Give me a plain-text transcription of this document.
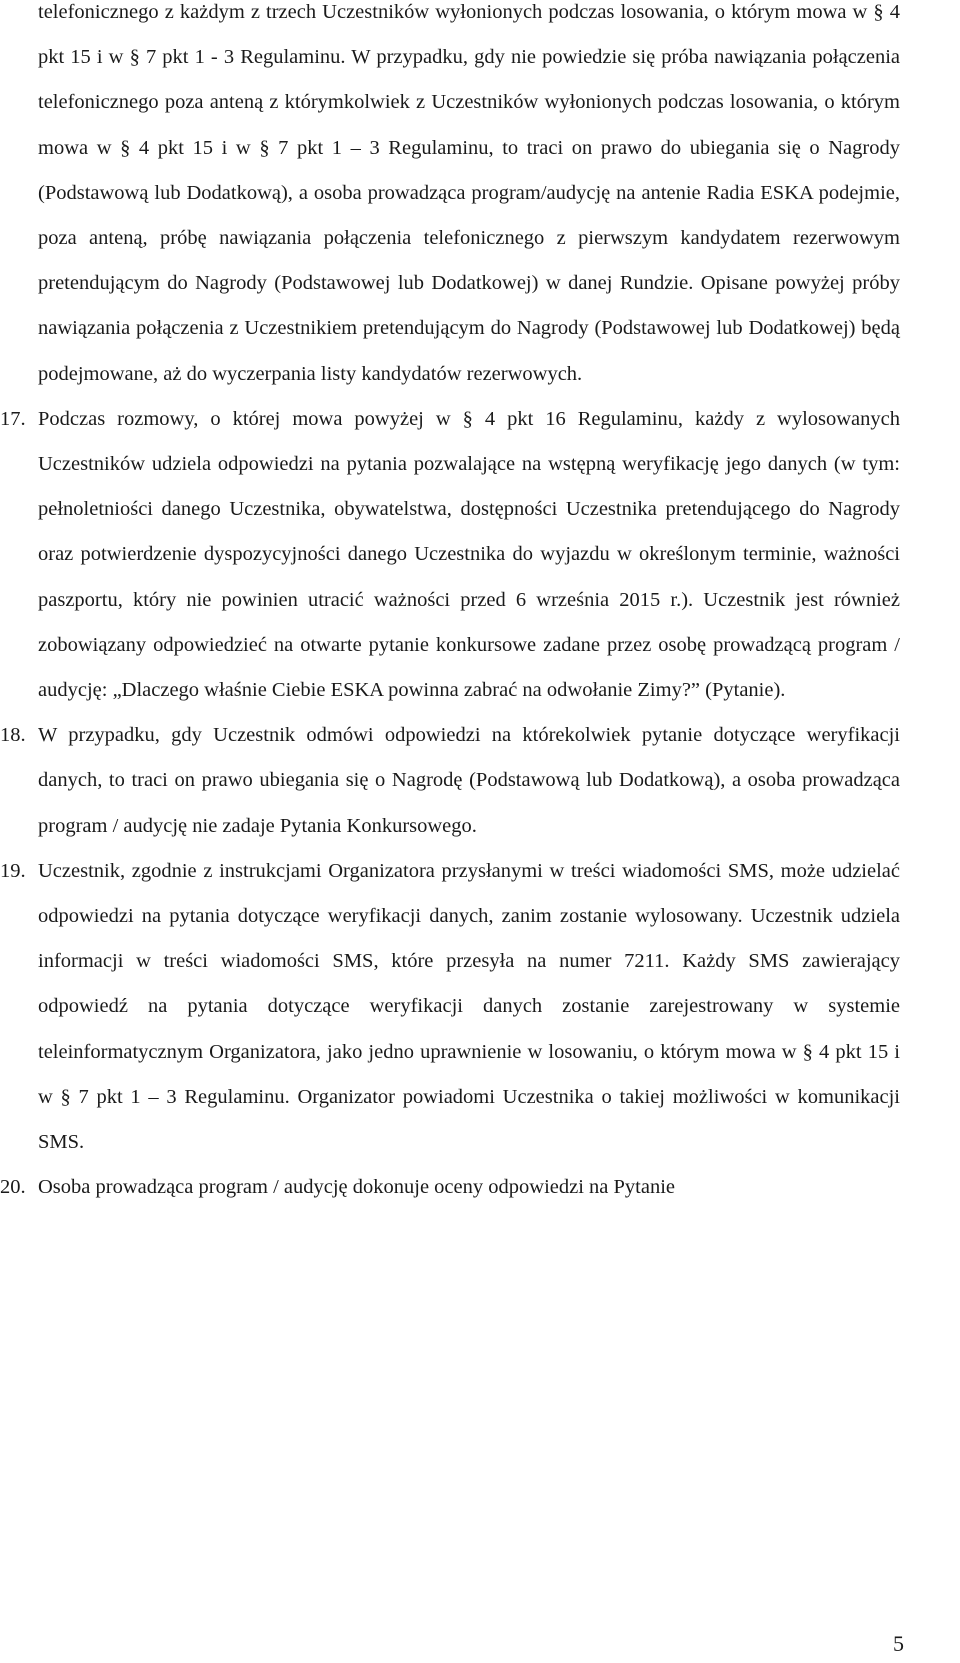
telefonicznego z każdym z trzech Uczestników wyłonionych podczas losowania, o którym mowa w § 4 pkt 15 i w § 7 pkt 1 - 3 Regulaminu. W przypadku, gdy nie powiedzie się próba nawiązania połączenia telefonicznego poza anteną z którymkolwiek z Uczestników wyłonionych podczas losowania, o którym mowa w § 4 pkt 15 i w § 7 pkt 1 – 3 Regulaminu, to traci on prawo do ubiegania się o Nagrody (Podstawową lub Dodatkową), a osoba prowadząca program/audycję na antenie Radia ESKA podejmie, poza anteną, próbę nawiązania połączenia telefonicznego z pierwszym kandydatem rezerwowym pretendującym do Nagrody (Podstawowej lub Dodatkowej) w danej Rundzie. Opisane powyżej próby nawiązania połączenia z Uczestnikiem pretendującym do Nagrody (Podstawowej lub Dodatkowej) będą podejmowane, aż do wyczerpania listy kandydatów rezerwowych.

17. Podczas rozmowy, o której mowa powyżej w § 4 pkt 16 Regulaminu, każdy z wylosowanych Uczestników udziela odpowiedzi na pytania pozwalające na wstępną weryfikację jego danych (w tym: pełnoletniości danego Uczestnika, obywatelstwa, dostępności Uczestnika pretendującego do Nagrody oraz potwierdzenie dyspozycyjności danego Uczestnika do wyjazdu w określonym terminie, ważności paszportu, który nie powinien utracić ważności przed 6 września 2015 r.). Uczestnik jest również zobowiązany odpowiedzieć na otwarte pytanie konkursowe zadane przez osobę prowadzącą program / audycję: „Dlaczego właśnie Ciebie ESKA powinna zabrać na odwołanie Zimy?” (Pytanie).

18. W przypadku, gdy Uczestnik odmówi odpowiedzi na którekolwiek pytanie dotyczące weryfikacji danych, to traci on prawo ubiegania się o Nagrodę (Podstawową lub Dodatkową), a osoba prowadząca program / audycję nie zadaje Pytania Konkursowego.

19. Uczestnik, zgodnie z instrukcjami Organizatora przysłanymi w treści wiadomości SMS, może udzielać odpowiedzi na pytania dotyczące weryfikacji danych, zanim zostanie wylosowany. Uczestnik udziela informacji w treści wiadomości SMS, które przesyła na numer 7211. Każdy SMS zawierający odpowiedź na pytania dotyczące weryfikacji danych zostanie zarejestrowany w systemie teleinformatycznym Organizatora, jako jedno uprawnienie w losowaniu, o którym mowa w § 4 pkt 15 i w § 7 pkt 1 – 3 Regulaminu. Organizator powiadomi Uczestnika o takiej możliwości w komunikacji SMS.

20. Osoba prowadząca program / audycję dokonuje oceny odpowiedzi na Pytanie

5
